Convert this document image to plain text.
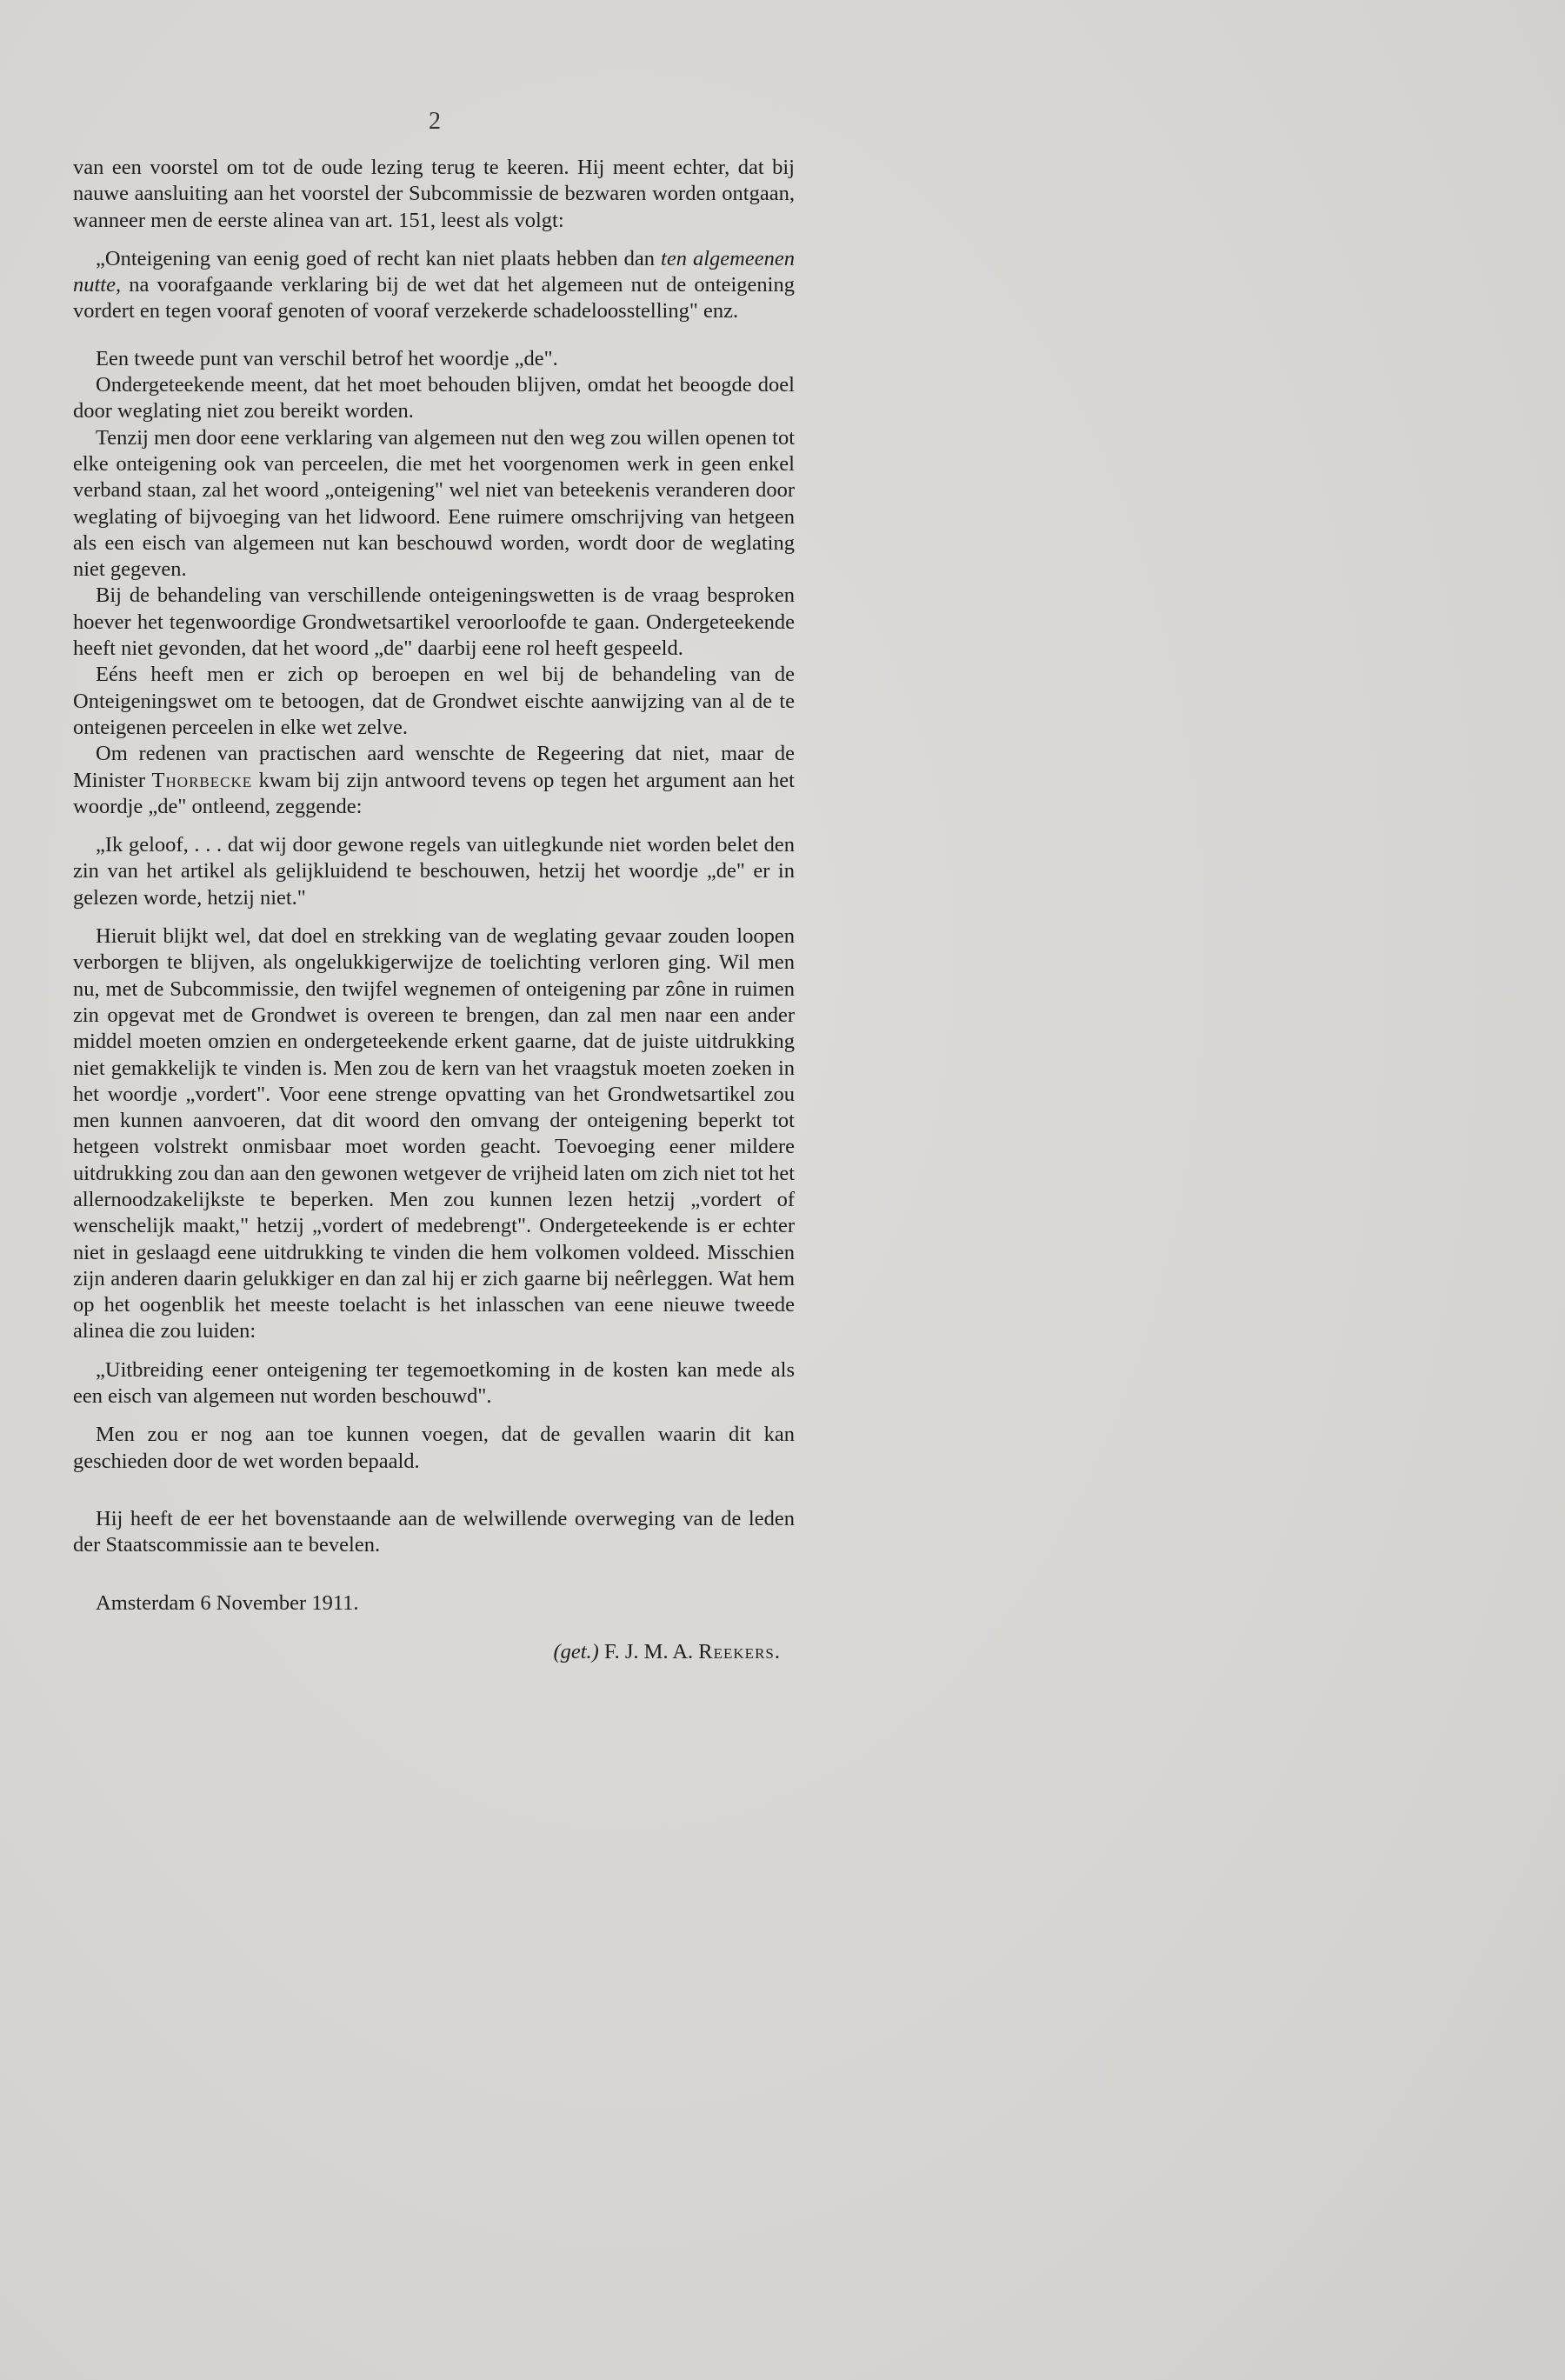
2

van een voorstel om tot de oude lezing terug te keeren. Hij meent echter, dat bij nauwe aansluiting aan het voorstel der Subcommissie de bezwaren worden ontgaan, wanneer men de eerste alinea van art. 151, leest als volgt:

„Onteigening van eenig goed of recht kan niet plaats hebben dan ten algemeenen nutte, na voorafgaande verklaring bij de wet dat het algemeen nut de onteigening vordert en tegen vooraf genoten of vooraf verzekerde schadeloosstelling" enz.

Een tweede punt van verschil betrof het woordje „de".

Ondergeteekende meent, dat het moet behouden blijven, omdat het beoogde doel door weglating niet zou bereikt worden.

Tenzij men door eene verklaring van algemeen nut den weg zou willen openen tot elke onteigening ook van perceelen, die met het voorgenomen werk in geen enkel verband staan, zal het woord „onteigening" wel niet van beteekenis veranderen door weglating of bijvoeging van het lidwoord. Eene ruimere omschrijving van hetgeen als een eisch van algemeen nut kan beschouwd worden, wordt door de weglating niet gegeven.

Bij de behandeling van verschillende onteigeningswetten is de vraag besproken hoever het tegenwoordige Grondwetsartikel veroorloofde te gaan. Ondergeteekende heeft niet gevonden, dat het woord „de" daarbij eene rol heeft gespeeld.

Eéns heeft men er zich op beroepen en wel bij de behandeling van de Onteigeningswet om te betoogen, dat de Grondwet eischte aanwijzing van al de te onteigenen perceelen in elke wet zelve.

Om redenen van practischen aard wenschte de Regeering dat niet, maar de Minister Thorbecke kwam bij zijn antwoord tevens op tegen het argument aan het woordje „de" ontleend, zeggende:

„Ik geloof, . . . dat wij door gewone regels van uitlegkunde niet worden belet den zin van het artikel als gelijkluidend te beschouwen, hetzij het woordje „de" er in gelezen worde, hetzij niet."

Hieruit blijkt wel, dat doel en strekking van de weglating gevaar zouden loopen verborgen te blijven, als ongelukkigerwijze de toelichting verloren ging. Wil men nu, met de Subcommissie, den twijfel wegnemen of onteigening par zône in ruimen zin opgevat met de Grondwet is overeen te brengen, dan zal men naar een ander middel moeten omzien en ondergeteekende erkent gaarne, dat de juiste uitdrukking niet gemakkelijk te vinden is. Men zou de kern van het vraagstuk moeten zoeken in het woordje „vordert". Voor eene strenge opvatting van het Grondwetsartikel zou men kunnen aanvoeren, dat dit woord den omvang der onteigening beperkt tot hetgeen volstrekt onmisbaar moet worden geacht. Toevoeging eener mildere uitdrukking zou dan aan den gewonen wetgever de vrijheid laten om zich niet tot het allernoodzakelijkste te beperken. Men zou kunnen lezen hetzij „vordert of wenschelijk maakt," hetzij „vordert of medebrengt". Ondergeteekende is er echter niet in geslaagd eene uitdrukking te vinden die hem volkomen voldeed. Misschien zijn anderen daarin gelukkiger en dan zal hij er zich gaarne bij neêrleggen. Wat hem op het oogenblik het meeste toelacht is het inlasschen van eene nieuwe tweede alinea die zou luiden:

„Uitbreiding eener onteigening ter tegemoetkoming in de kosten kan mede als een eisch van algemeen nut worden beschouwd".

Men zou er nog aan toe kunnen voegen, dat de gevallen waarin dit kan geschieden door de wet worden bepaald.

Hij heeft de eer het bovenstaande aan de welwillende overweging van de leden der Staatscommissie aan te bevelen.

Amsterdam 6 November 1911.

(get.) F. J. M. A. Reekers.
